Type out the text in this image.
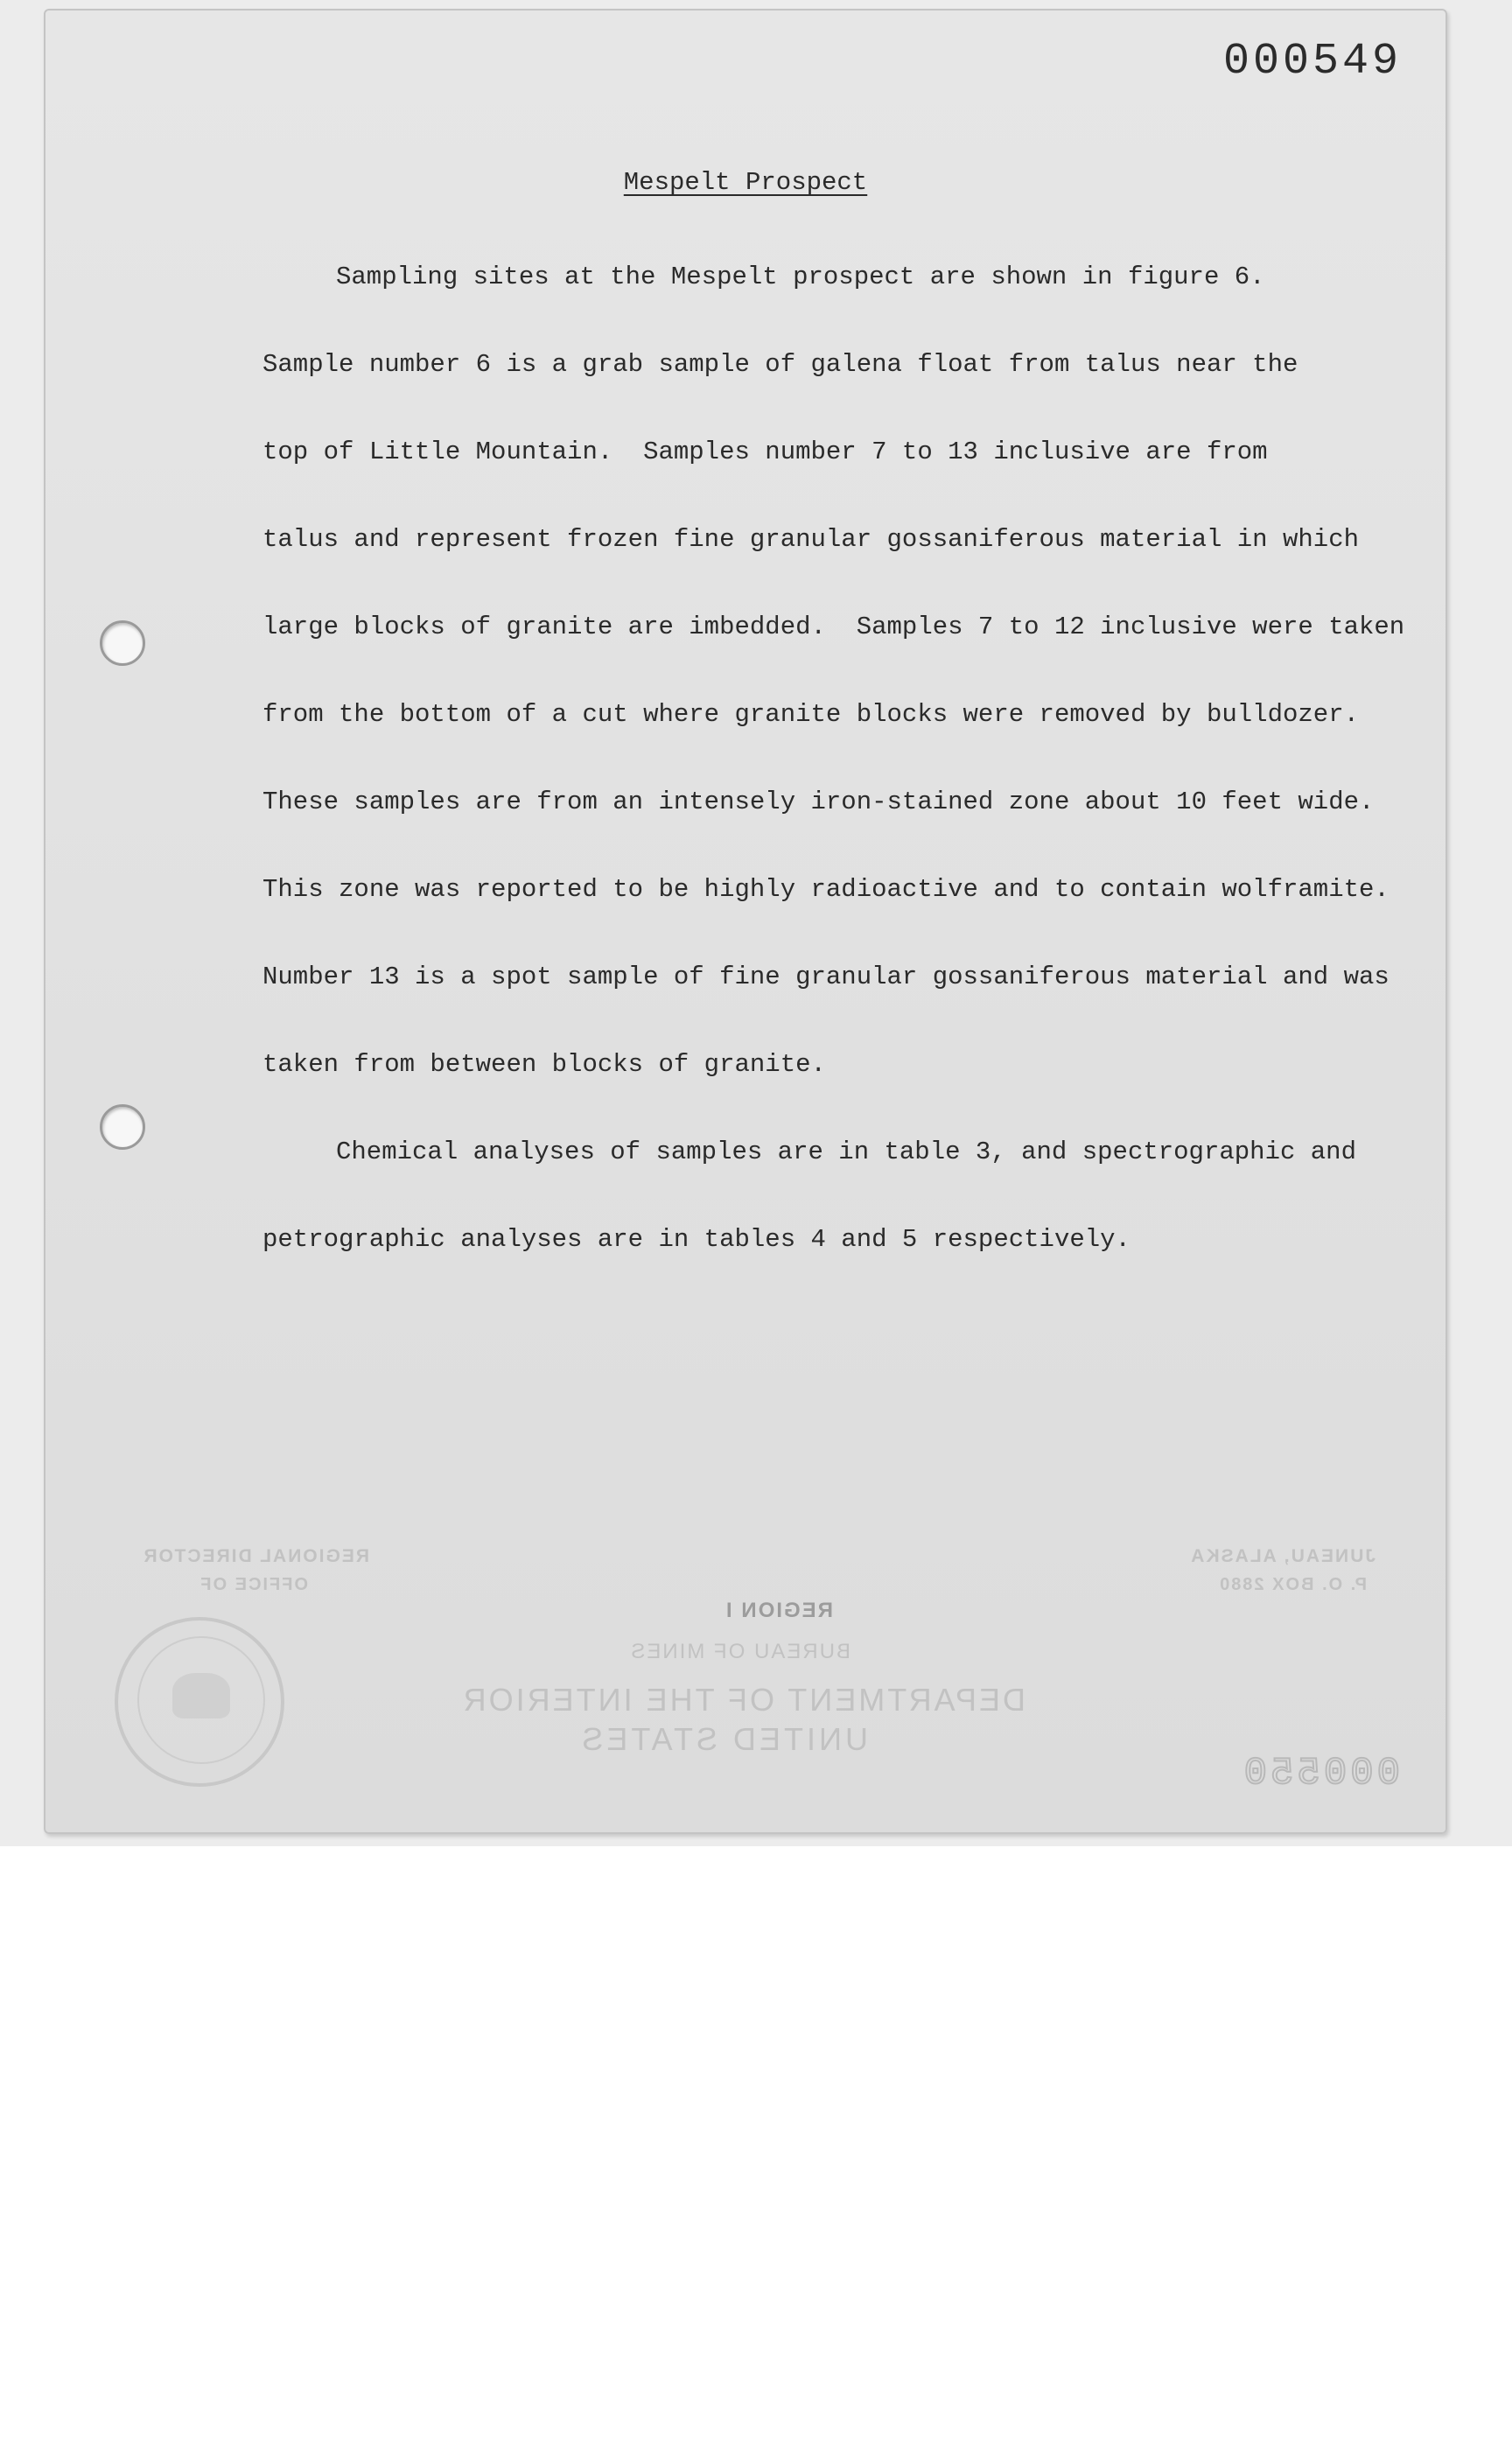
000549
Mespelt Prospect
Sampling sites at the Mespelt prospect are shown in figure 6.
Sample number 6 is a grab sample of galena float from talus near the
top of Little Mountain.  Samples number 7 to 13 inclusive are from
talus and represent frozen fine granular gossaniferous material in which
large blocks of granite are imbedded.  Samples 7 to 12 inclusive were taken
from the bottom of a cut where granite blocks were removed by bulldozer.
These samples are from an intensely iron-stained zone about 10 feet wide.
This zone was reported to be highly radioactive and to contain wolframite.
Number 13 is a spot sample of fine granular gossaniferous material and was
taken from between blocks of granite.
Chemical analyses of samples are in table 3, and spectrographic and
petrographic analyses are in tables 4 and 5 respectively.
UNITED STATES
DEPARTMENT OF THE INTERIOR
BUREAU OF MINES
REGION I
JUNEAU, ALASKA
P. O. BOX 2880
REGIONAL DIRECTOR
OFFICE OF
000550
